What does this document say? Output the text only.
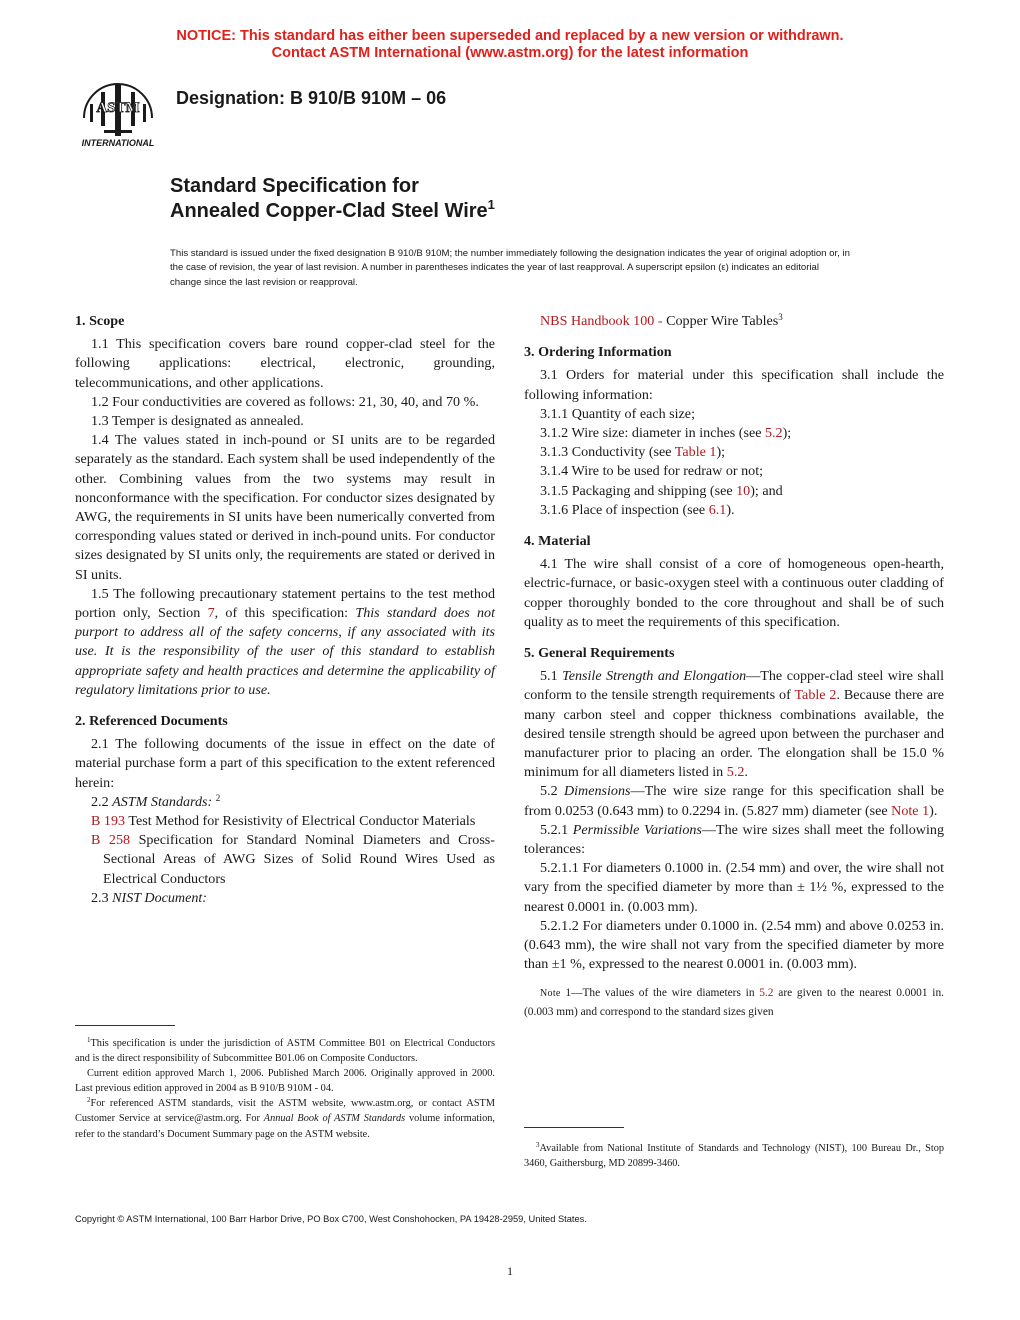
NOTICE: This standard has either been superseded and replaced by a new version or withdrawn.
Contact ASTM International (www.astm.org) for the latest information
ASTM
INTERNATIONAL
Designation: B 910/B 910M – 06
Standard Specification for
Annealed Copper-Clad Steel Wire$^1$
This standard is issued under the fixed designation B 910/B 910M; the number immediately following the designation indicates the year of original adoption or, in the case of revision, the year of last revision. A number in parentheses indicates the year of last reapproval. A superscript epsilon (ε) indicates an editorial change since the last revision or reapproval.

1. Scope

1.1 This specification covers bare round copper-clad steel for the following applications: electrical, electronic, grounding, telecommunications, and other applications.

1.2 Four conductivities are covered as follows: 21, 30, 40, and 70 %.

1.3 Temper is designated as annealed.

1.4 The values stated in inch-pound or SI units are to be regarded separately as the standard. Each system shall be used independently of the other. Combining values from the two systems may result in nonconformance with the specification. For conductor sizes designated by AWG, the requirements in SI units have been numerically converted from corresponding values stated or derived in inch-pound units. For conductor sizes designated by SI units only, the requirements are stated or derived in SI units.

1.5 The following precautionary statement pertains to the test method portion only, Section 7, of this specification: This standard does not purport to address all of the safety concerns, if any associated with its use. It is the responsibility of the user of this standard to establish appropriate safety and health practices and determine the applicability of regulatory limitations prior to use.

2. Referenced Documents

2.1 The following documents of the issue in effect on the date of material purchase form a part of this specification to the extent referenced herein:

2.2 ASTM Standards: $^2$

B 193 Test Method for Resistivity of Electrical Conductor Materials

B 258 Specification for Standard Nominal Diameters and Cross-Sectional Areas of AWG Sizes of Solid Round Wires Used as Electrical Conductors

2.3 NIST Document:

NBS Handbook 100 - Copper Wire Tables$^3$

3. Ordering Information

3.1 Orders for material under this specification shall include the following information:

3.1.1 Quantity of each size;

3.1.2 Wire size: diameter in inches (see 5.2);

3.1.3 Conductivity (see Table 1);

3.1.4 Wire to be used for redraw or not;

3.1.5 Packaging and shipping (see 10); and

3.1.6 Place of inspection (see 6.1).

4. Material

4.1 The wire shall consist of a core of homogeneous open-hearth, electric-furnace, or basic-oxygen steel with a continuous outer cladding of copper thoroughly bonded to the core throughout and shall be of such quality as to meet the requirements of this specification.

5. General Requirements

5.1 Tensile Strength and Elongation—The copper-clad steel wire shall conform to the tensile strength requirements of Table 2. Because there are many carbon steel and copper thickness combinations available, the desired tensile strength should be agreed upon between the purchaser and manufacturer prior to placing an order. The elongation shall be 15.0 % minimum for all diameters listed in 5.2.

5.2 Dimensions—The wire size range for this specification shall be from 0.0253 (0.643 mm) to 0.2294 in. (5.827 mm) diameter (see Note 1).

5.2.1 Permissible Variations—The wire sizes shall meet the following tolerances:

5.2.1.1 For diameters 0.1000 in. (2.54 mm) and over, the wire shall not vary from the specified diameter by more than ± 1½ %, expressed to the nearest 0.0001 in. (0.003 mm).

5.2.1.2 For diameters under 0.1000 in. (2.54 mm) and above 0.0253 in. (0.643 mm), the wire shall not vary from the specified diameter by more than ±1 %, expressed to the nearest 0.0001 in. (0.003 mm).

Note 1—The values of the wire diameters in 5.2 are given to the nearest 0.0001 in. (0.003 mm) and correspond to the standard sizes given

$^1$This specification is under the jurisdiction of ASTM Committee B01 on Electrical Conductors and is the direct responsibility of Subcommittee B01.06 on Composite Conductors.

Current edition approved March 1, 2006. Published March 2006. Originally approved in 2000. Last previous edition approved in 2004 as B 910/B 910M - 04.

$^2$For referenced ASTM standards, visit the ASTM website, www.astm.org, or contact ASTM Customer Service at service@astm.org. For Annual Book of ASTM Standards volume information, refer to the standard’s Document Summary page on the ASTM website.

$^3$Available from National Institute of Standards and Technology (NIST), 100 Bureau Dr., Stop 3460, Gaithersburg, MD 20899-3460.

Copyright © ASTM International, 100 Barr Harbor Drive, PO Box C700, West Conshohocken, PA 19428-2959, United States.
1
